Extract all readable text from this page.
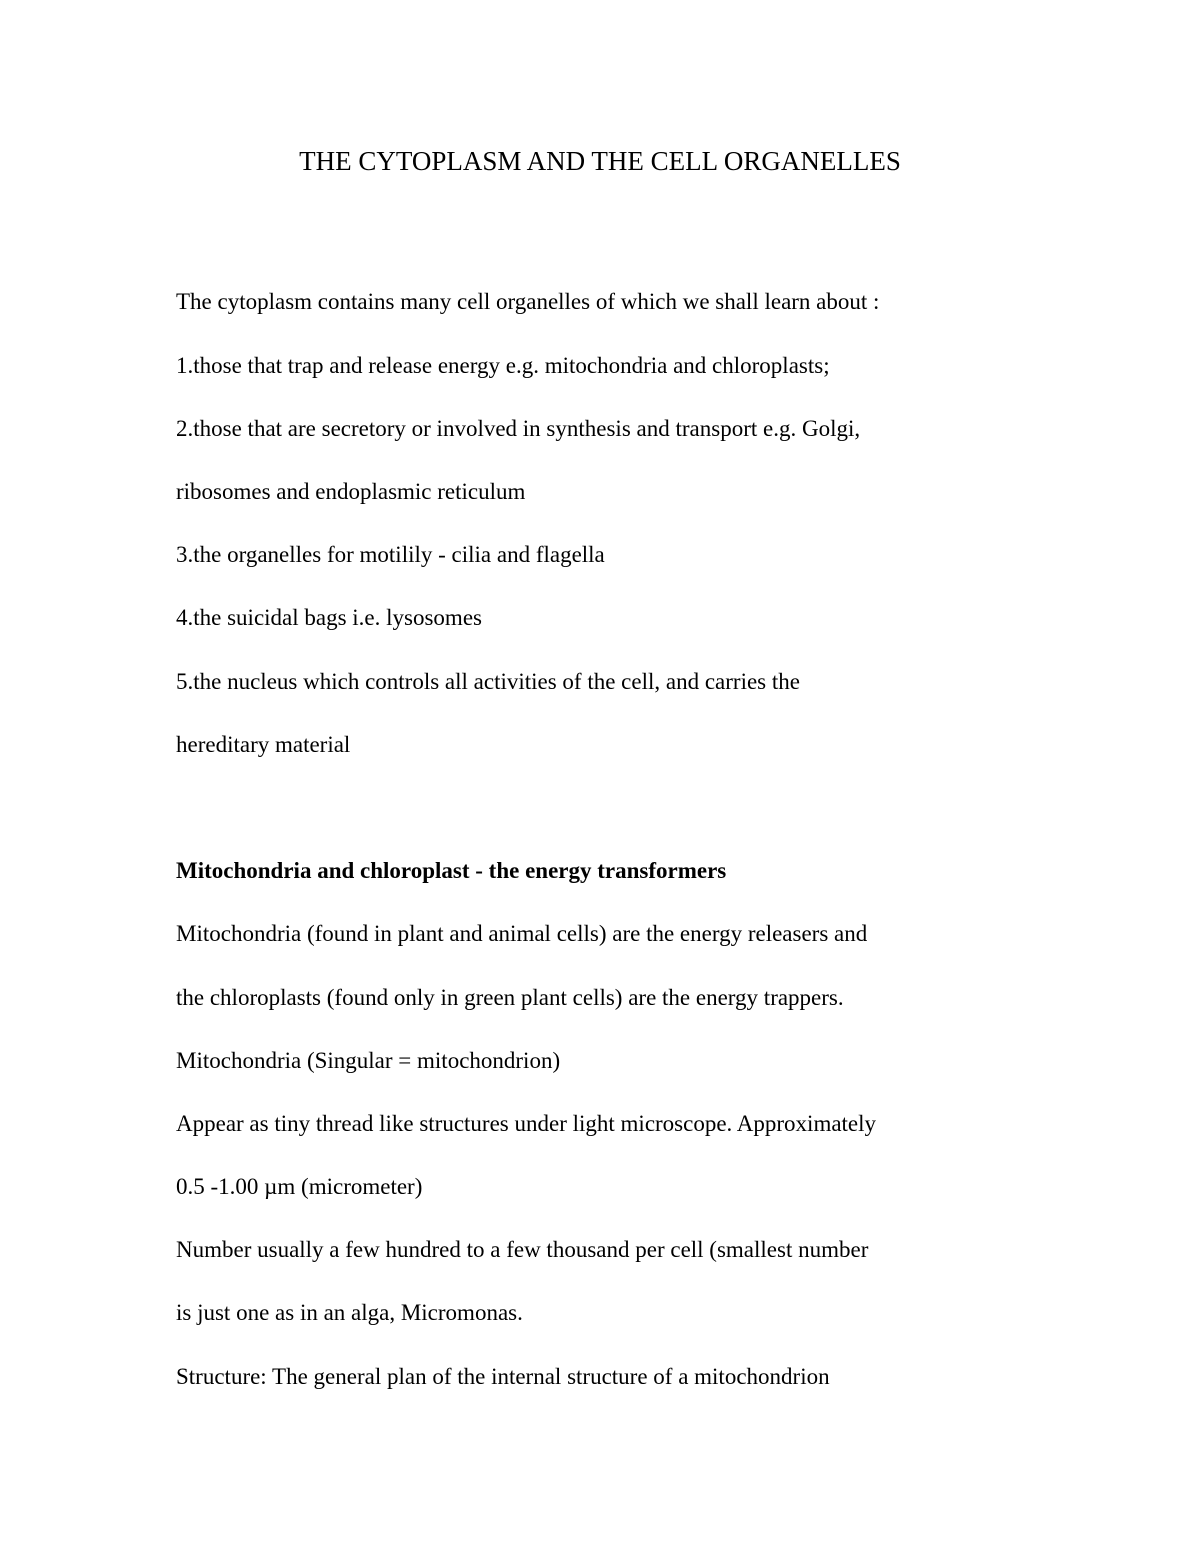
THE CYTOPLASM AND THE CELL ORGANELLES
The cytoplasm contains many cell organelles of which we shall learn about :
1.those that trap and release energy e.g. mitochondria and chloroplasts;
2.those that are secretory or involved in synthesis and transport e.g. Golgi,
ribosomes and endoplasmic reticulum
3.the organelles for motilily - cilia and flagella
4.the suicidal bags i.e. lysosomes
5.the nucleus which controls all activities of the cell, and carries the
hereditary material
Mitochondria and chloroplast - the energy transformers
Mitochondria (found in plant and animal cells) are the energy releasers and
the chloroplasts (found only in green plant cells) are the energy trappers.
Mitochondria (Singular = mitochondrion)
Appear as tiny thread like structures under light microscope. Approximately
0.5 -1.00 µm (micrometer)
Number usually a few hundred to a few thousand per cell (smallest number
is just one as in an alga, Micromonas.
Structure: The general plan of the internal structure of a mitochondrion
